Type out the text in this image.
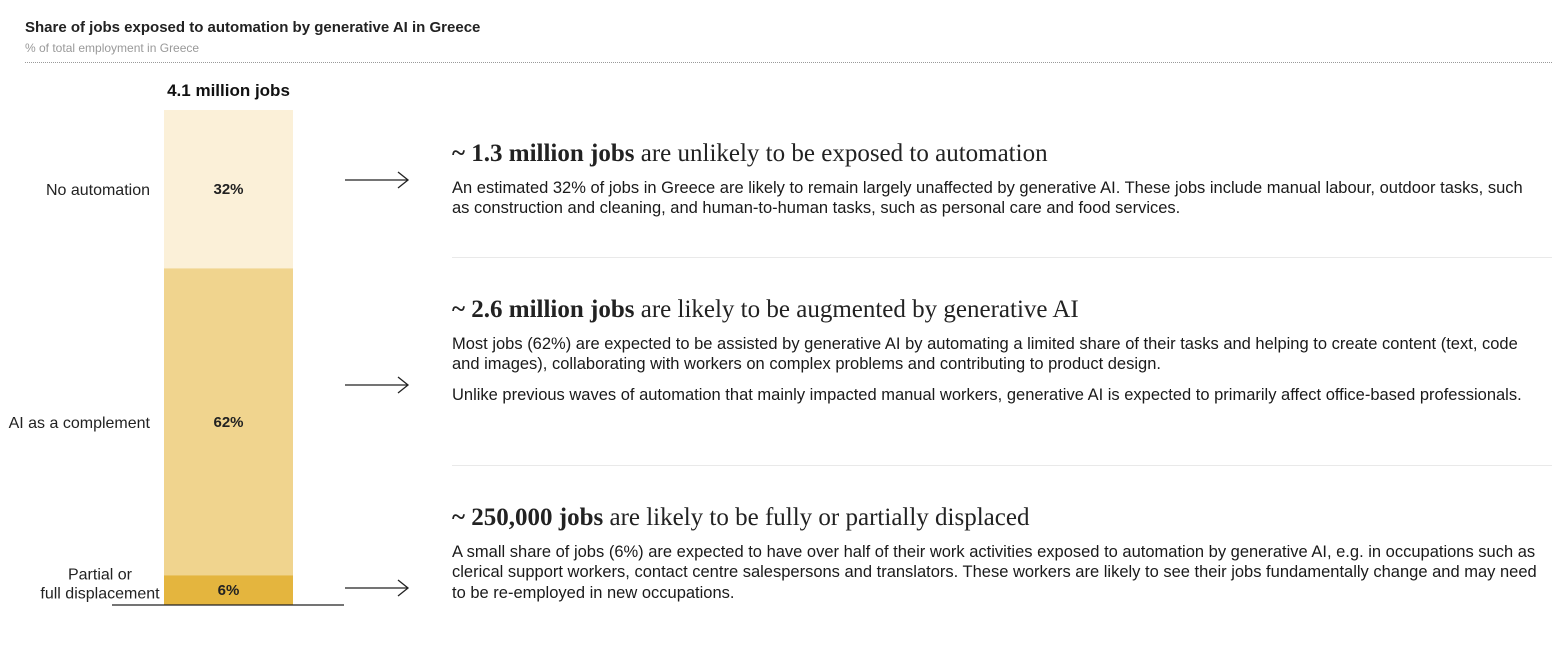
Share of jobs exposed to automation by generative AI in Greece
% of total employment in Greece
4.1 million jobs
32%
No automation
62%
AI as a complement
6%
Partial or full displacement
~ 1.3 million jobs are unlikely to be exposed to automation

An estimated 32% of jobs in Greece are likely to remain largely unaffected by generative AI. These jobs include manual labour, outdoor tasks, such as construction and cleaning, and human-to-human tasks, such as personal care and food services.

~ 2.6 million jobs are likely to be augmented by generative AI

Most jobs (62%) are expected to be assisted by generative AI by automating a limited share of their tasks and helping to create content (text, code and images), collaborating with workers on complex problems and contributing to product design.

Unlike previous waves of automation that mainly impacted manual workers, generative AI is expected to primarily affect office-based professionals.

~ 250,000 jobs are likely to be fully or partially displaced

A small share of jobs (6%) are expected to have over half of their work activities exposed to automation by generative AI, e.g. in occupations such as clerical support workers, contact centre salespersons and translators. These workers are likely to see their jobs fundamentally change and may need to be re-employed in new occupations.
